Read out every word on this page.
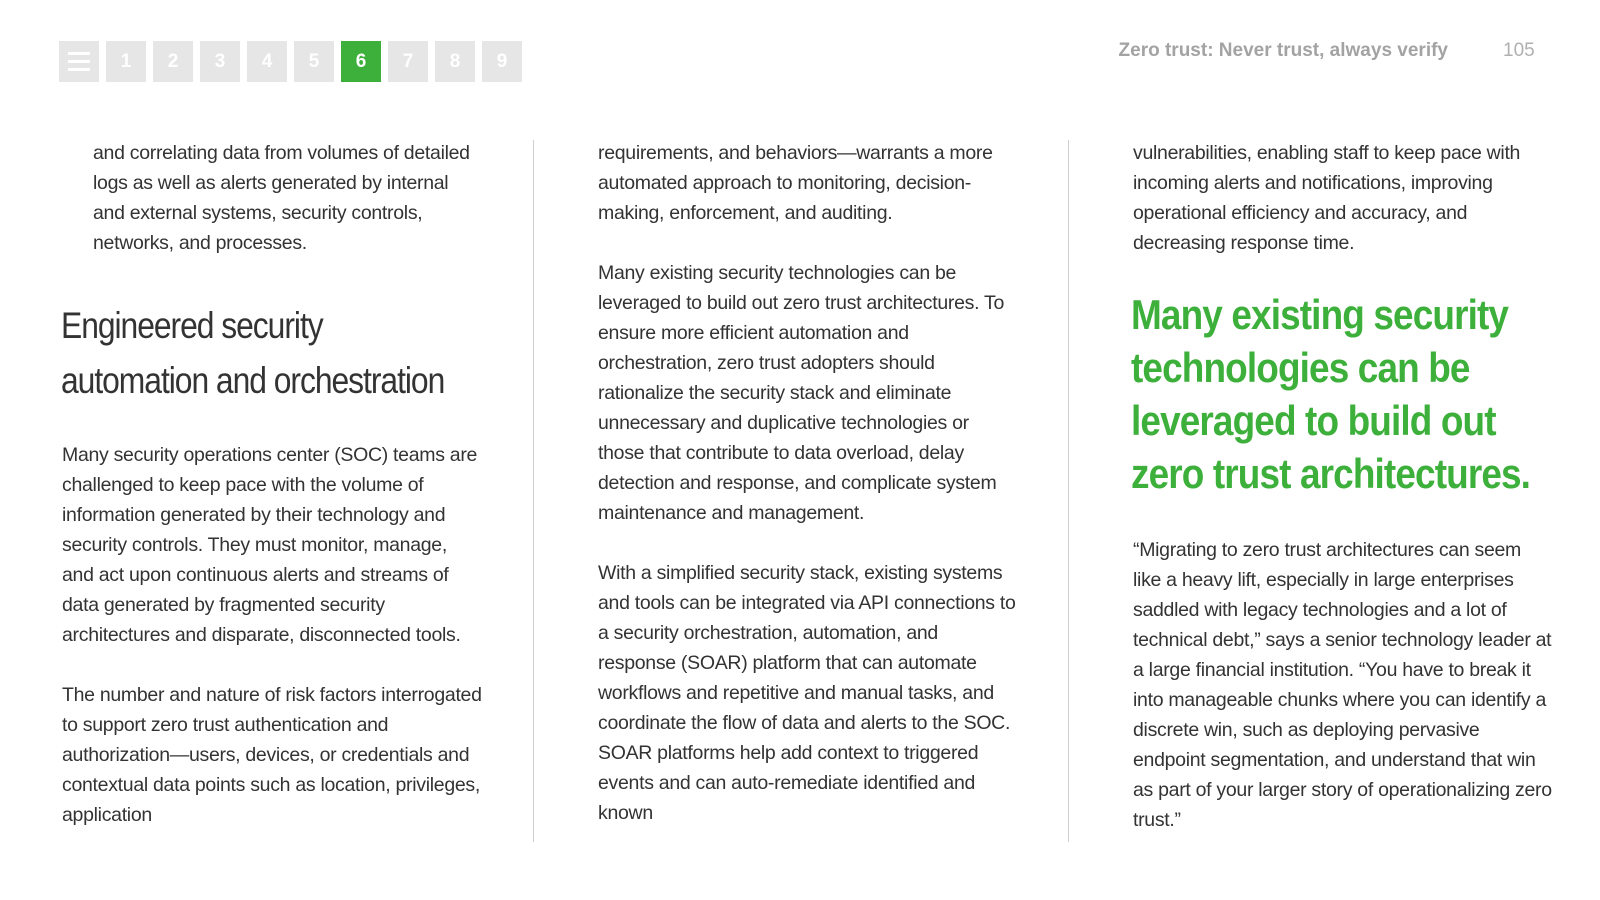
1	2	3	4	5	6	7	8	9	Zero trust: Never trust, always verify	105

and correlating data from volumes of detailed logs as well as alerts generated by internal and external systems, security controls, networks, and processes.

Engineered security automation and orchestration

Many security operations center (SOC) teams are challenged to keep pace with the volume of information generated by their technology and security controls. They must monitor, manage, and act upon continuous alerts and streams of data generated by fragmented security architectures and disparate, disconnected tools.

The number and nature of risk factors interrogated to support zero trust authentication and authorization—users, devices, or credentials and contextual data points such as location, privileges, application

requirements, and behaviors—warrants a more automated approach to monitoring, decision-making, enforcement, and auditing.

Many existing security technologies can be leveraged to build out zero trust architectures. To ensure more efficient automation and orchestration, zero trust adopters should rationalize the security stack and eliminate unnecessary and duplicative technologies or those that contribute to data overload, delay detection and response, and complicate system maintenance and management.

With a simplified security stack, existing systems and tools can be integrated via API connections to a security orchestration, automation, and response (SOAR) platform that can automate workflows and repetitive and manual tasks, and coordinate the flow of data and alerts to the SOC. SOAR platforms help add context to triggered events and can auto-remediate identified and known

vulnerabilities, enabling staff to keep pace with incoming alerts and notifications, improving operational efficiency and accuracy, and decreasing response time.

Many existing security technologies can be leveraged to build out zero trust architectures.

“Migrating to zero trust architectures can seem like a heavy lift, especially in large enterprises saddled with legacy technologies and a lot of technical debt,” says a senior technology leader at a large financial institution. “You have to break it into manageable chunks where you can identify a discrete win, such as deploying pervasive endpoint segmentation, and understand that win as part of your larger story of operationalizing zero trust.”
